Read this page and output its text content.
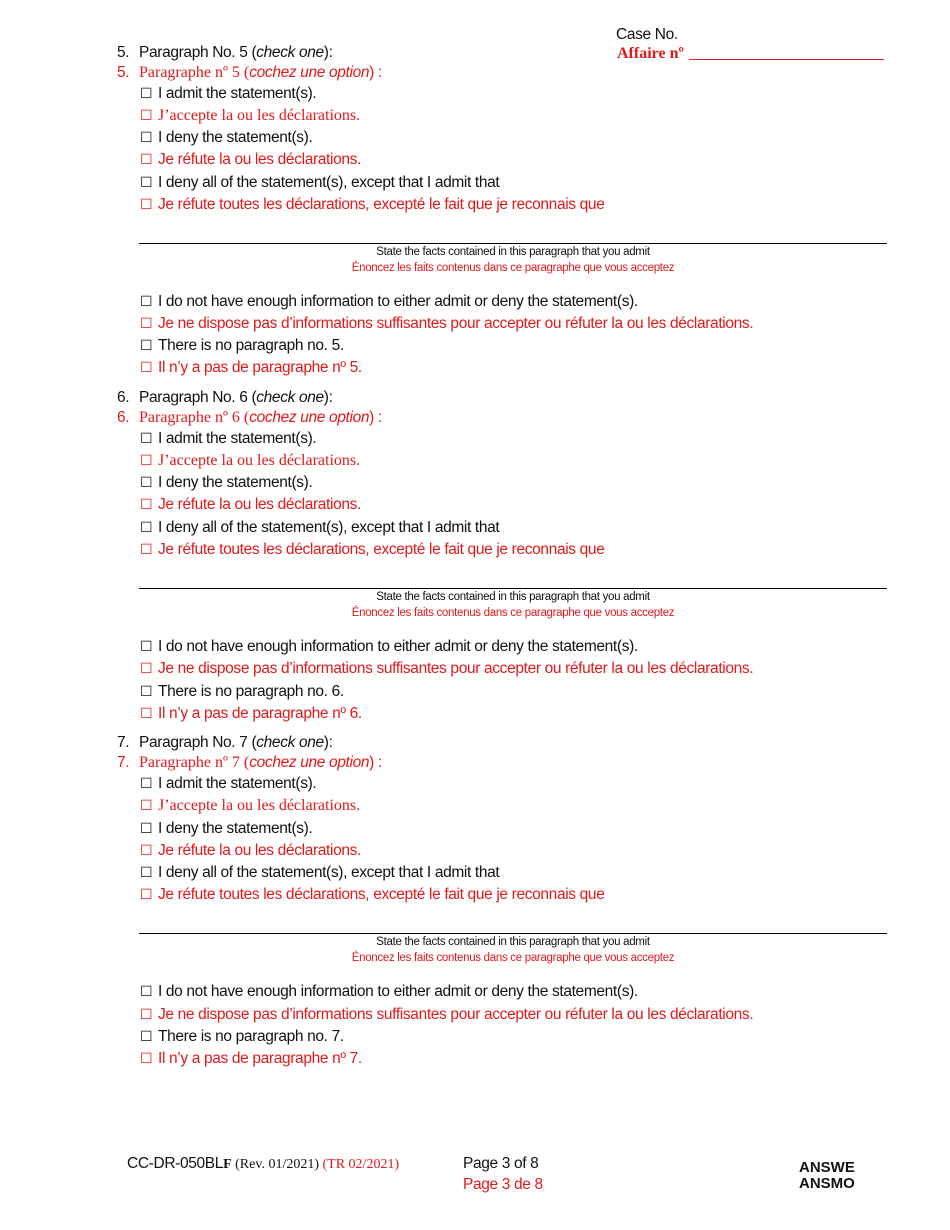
Case No.
Affaire nº
5. Paragraph No. 5 (check one):
5. Paragraphe nº 5 (cochez une option) :
☐ I admit the statement(s).
☐ J’accepte la ou les déclarations.
☐ I deny the statement(s).
☐ Je réfute la ou les déclarations.
☐ I deny all of the statement(s), except that I admit that
☐ Je réfute toutes les déclarations, excepté le fait que je reconnais que
State the facts contained in this paragraph that you admit
Énoncez les faits contenus dans ce paragraphe que vous acceptez
☐ I do not have enough information to either admit or deny the statement(s).
☐ Je ne dispose pas d’informations suffisantes pour accepter ou réfuter la ou les déclarations.
☐ There is no paragraph no. 5.
☐ Il n’y a pas de paragraphe nº 5.
6. Paragraph No. 6 (check one):
6. Paragraphe nº 6 (cochez une option) :
☐ I admit the statement(s).
☐ J’accepte la ou les déclarations.
☐ I deny the statement(s).
☐ Je réfute la ou les déclarations.
☐ I deny all of the statement(s), except that I admit that
☐ Je réfute toutes les déclarations, excepté le fait que je reconnais que
State the facts contained in this paragraph that you admit
Énoncez les faits contenus dans ce paragraphe que vous acceptez
☐ I do not have enough information to either admit or deny the statement(s).
☐ Je ne dispose pas d’informations suffisantes pour accepter ou réfuter la ou les déclarations.
☐ There is no paragraph no. 6.
☐ Il n’y a pas de paragraphe nº 6.
7. Paragraph No. 7 (check one):
7. Paragraphe nº 7 (cochez une option) :
☐ I admit the statement(s).
☐ J’accepte la ou les déclarations.
☐ I deny the statement(s).
☐ Je réfute la ou les déclarations.
☐ I deny all of the statement(s), except that I admit that
☐ Je réfute toutes les déclarations, excepté le fait que je reconnais que
State the facts contained in this paragraph that you admit
Énoncez les faits contenus dans ce paragraphe que vous acceptez
☐ I do not have enough information to either admit or deny the statement(s).
☐ Je ne dispose pas d’informations suffisantes pour accepter ou réfuter la ou les déclarations.
☐ There is no paragraph no. 7.
☐ Il n’y a pas de paragraphe nº 7.
CC-DR-050BLF (Rev. 01/2021) (TR 02/2021)	Page 3 of 8
Page 3 de 8
ANSWE
ANSMO
